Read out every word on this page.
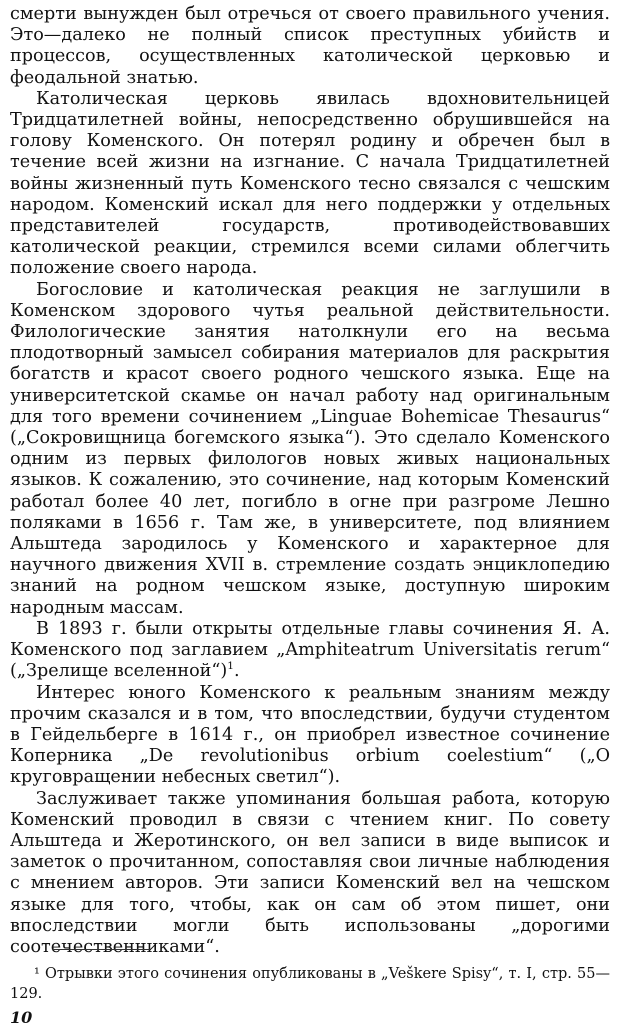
смерти вынужден был отречься от своего правильного учения. Это—далеко не полный список преступных убийств и процессов, осуществленных католической церковью и феодальной знатью.

Католическая церковь явилась вдохновительницей Тридцатилетней войны, непосредственно обрушившейся на голову Коменского. Он потерял родину и обречен был в течение всей жизни на изгнание. С начала Тридцатилетней войны жизненный путь Коменского тесно связался с чешским народом. Коменский искал для него поддержки у отдельных представителей государств, противодействовавших католической реакции, стремился всеми силами облегчить положение своего народа.

Богословие и католическая реакция не заглушили в Коменском здорового чутья реальной действительности. Филологические занятия натолкнули его на весьма плодотворный замысел собирания материалов для раскрытия богатств и красот своего родного чешского языка. Еще на университетской скамье он начал работу над оригинальным для того времени сочинением „Linguae Bohemicae Thesaurus“ („Сокровищница богемского языка“). Это сделало Коменского одним из первых филологов новых живых национальных языков. К сожалению, это сочинение, над которым Коменский работал более 40 лет, погибло в огне при разгроме Лешно поляками в 1656 г. Там же, в университете, под влиянием Альштеда зародилось у Коменского и характерное для научного движения XVII в. стремление создать энциклопедию знаний на родном чешском языке, доступную широким народным массам.

В 1893 г. были открыты отдельные главы сочинения Я. А. Коменского под заглавием „Amphiteatrum Universitatis rerum“ („Зрелище вселенной“)$^1$.

Интерес юного Коменского к реальным знаниям между прочим сказался и в том, что впоследствии, будучи студентом в Гейдельберге в 1614 г., он приобрел известное сочинение Коперника „De revolutionibus orbium coelestium“ („О круговращении небесных светил“).

Заслуживает также упоминания большая работа, которую Коменский проводил в связи с чтением книг. По совету Альштеда и Жеротинского, он вел записи в виде выписок и заметок о прочитанном, сопоставляя свои личные наблюдения с мнением авторов. Эти записи Коменский вел на чешском языке для того, чтобы, как он сам об этом пишет, они впоследствии могли быть использованы „дорогими соотечественниками“.

¹ Отрывки этого сочинения опубликованы в „Veškere Spisy“, т. I, стр. 55—129.
10
